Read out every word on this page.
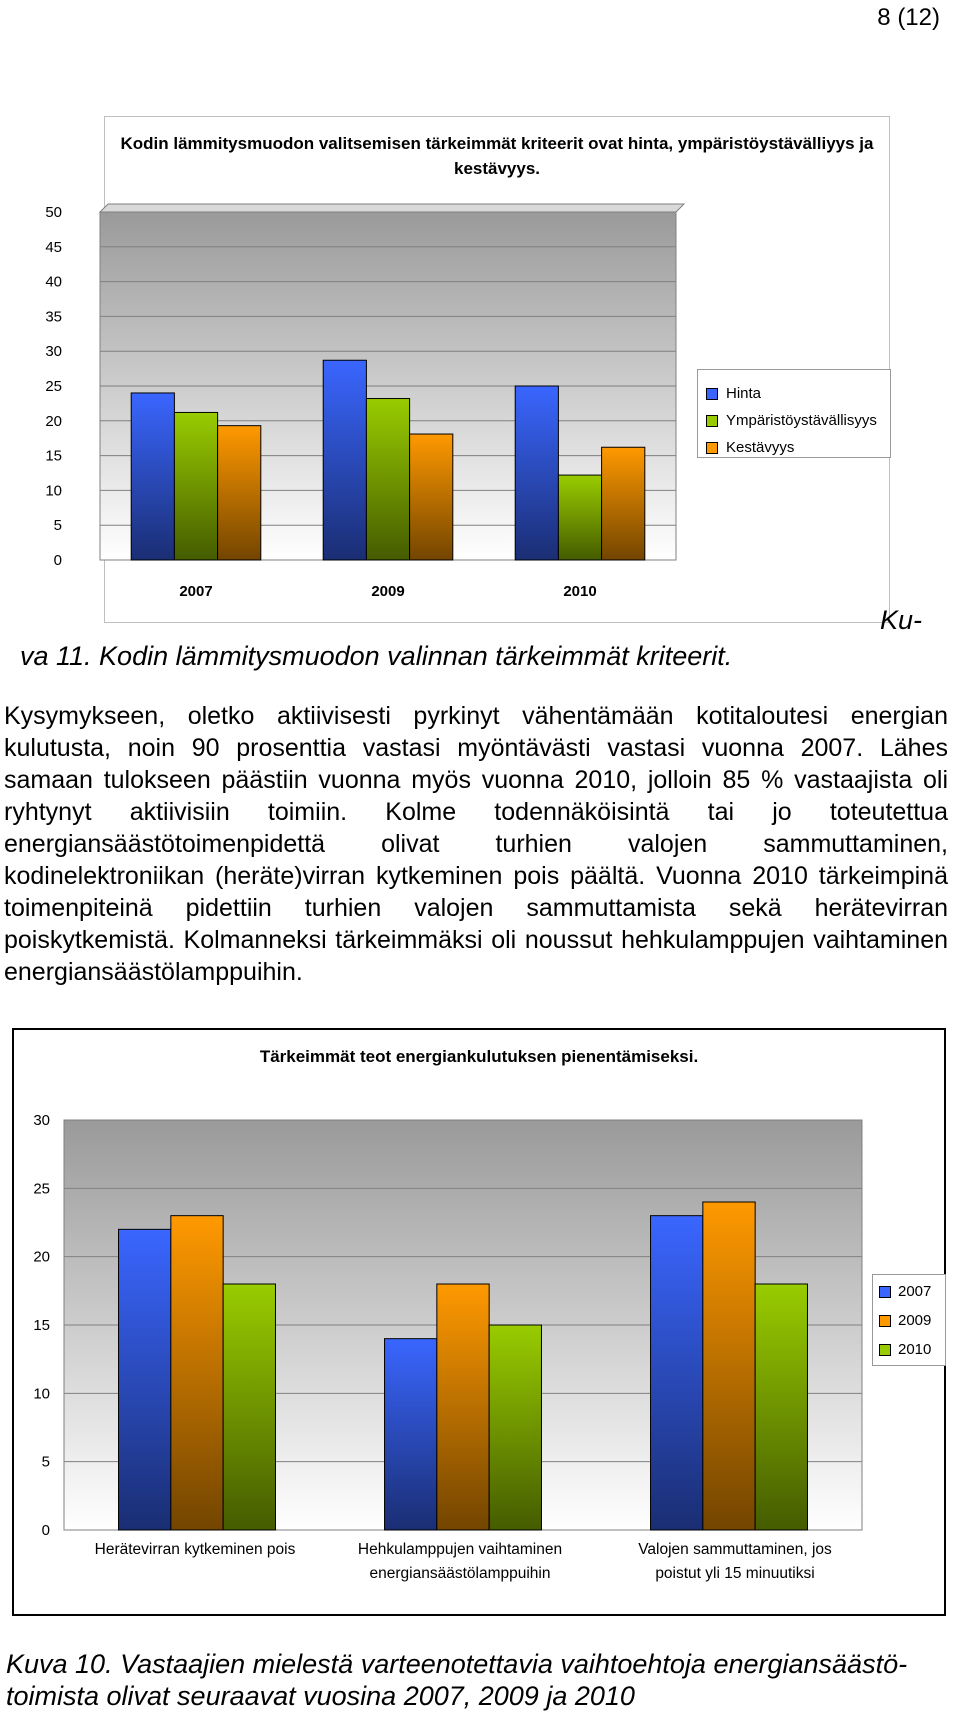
8 (12)
Kodin lämmitysmuodon valitsemisen tärkeimmät kriteerit ovat hinta, ympäristöystävälliyys ja kestävyys.
Hinta
Ympäristöystävällisyys
Kestävyys
0
5
10
15
20
25
30
35
40
45
50
2007	2009	2010
Ku-
va 11. Kodin lämmitysmuodon valinnan tärkeimmät kriteerit.
Kysymykseen, oletko aktiivisesti pyrkinyt vähentämään kotitaloutesi energian kulutusta, noin 90 prosenttia vastasi myöntävästi vastasi vuonna 2007. Lähes samaan tulokseen päästiin vuonna myös vuonna 2010, jolloin 85 % vastaajista oli ryhtynyt aktiivisiin toimiin. Kolme todennäköisintä tai jo toteutettua energiansäästötoimenpidettä olivat turhien valojen sammuttaminen, kodinelektroniikan (heräte)virran kytkeminen pois päältä. Vuonna 2010 tärkeimpinä toimenpiteinä pidettiin turhien valojen sammuttamista sekä herätevirran poiskytkemistä. Kolmanneksi tärkeimmäksi oli noussut hehkulamppujen vaihtaminen energiansäästölamppuihin.
Tärkeimmät teot energiankulutuksen pienentämiseksi.
2007
2009
2010
0
5
10
15
20
25
30
Herätevirran kytkeminen pois	Hehkulamppujen vaihtaminen
energiansäästölamppuihin
Valojen sammuttaminen, jos
poistut yli 15 minuutiksi
Kuva 10. Vastaajien mielestä varteenotettavia vaihtoehtoja energiansäästö-
toimista olivat seuraavat vuosina 2007, 2009 ja 2010
